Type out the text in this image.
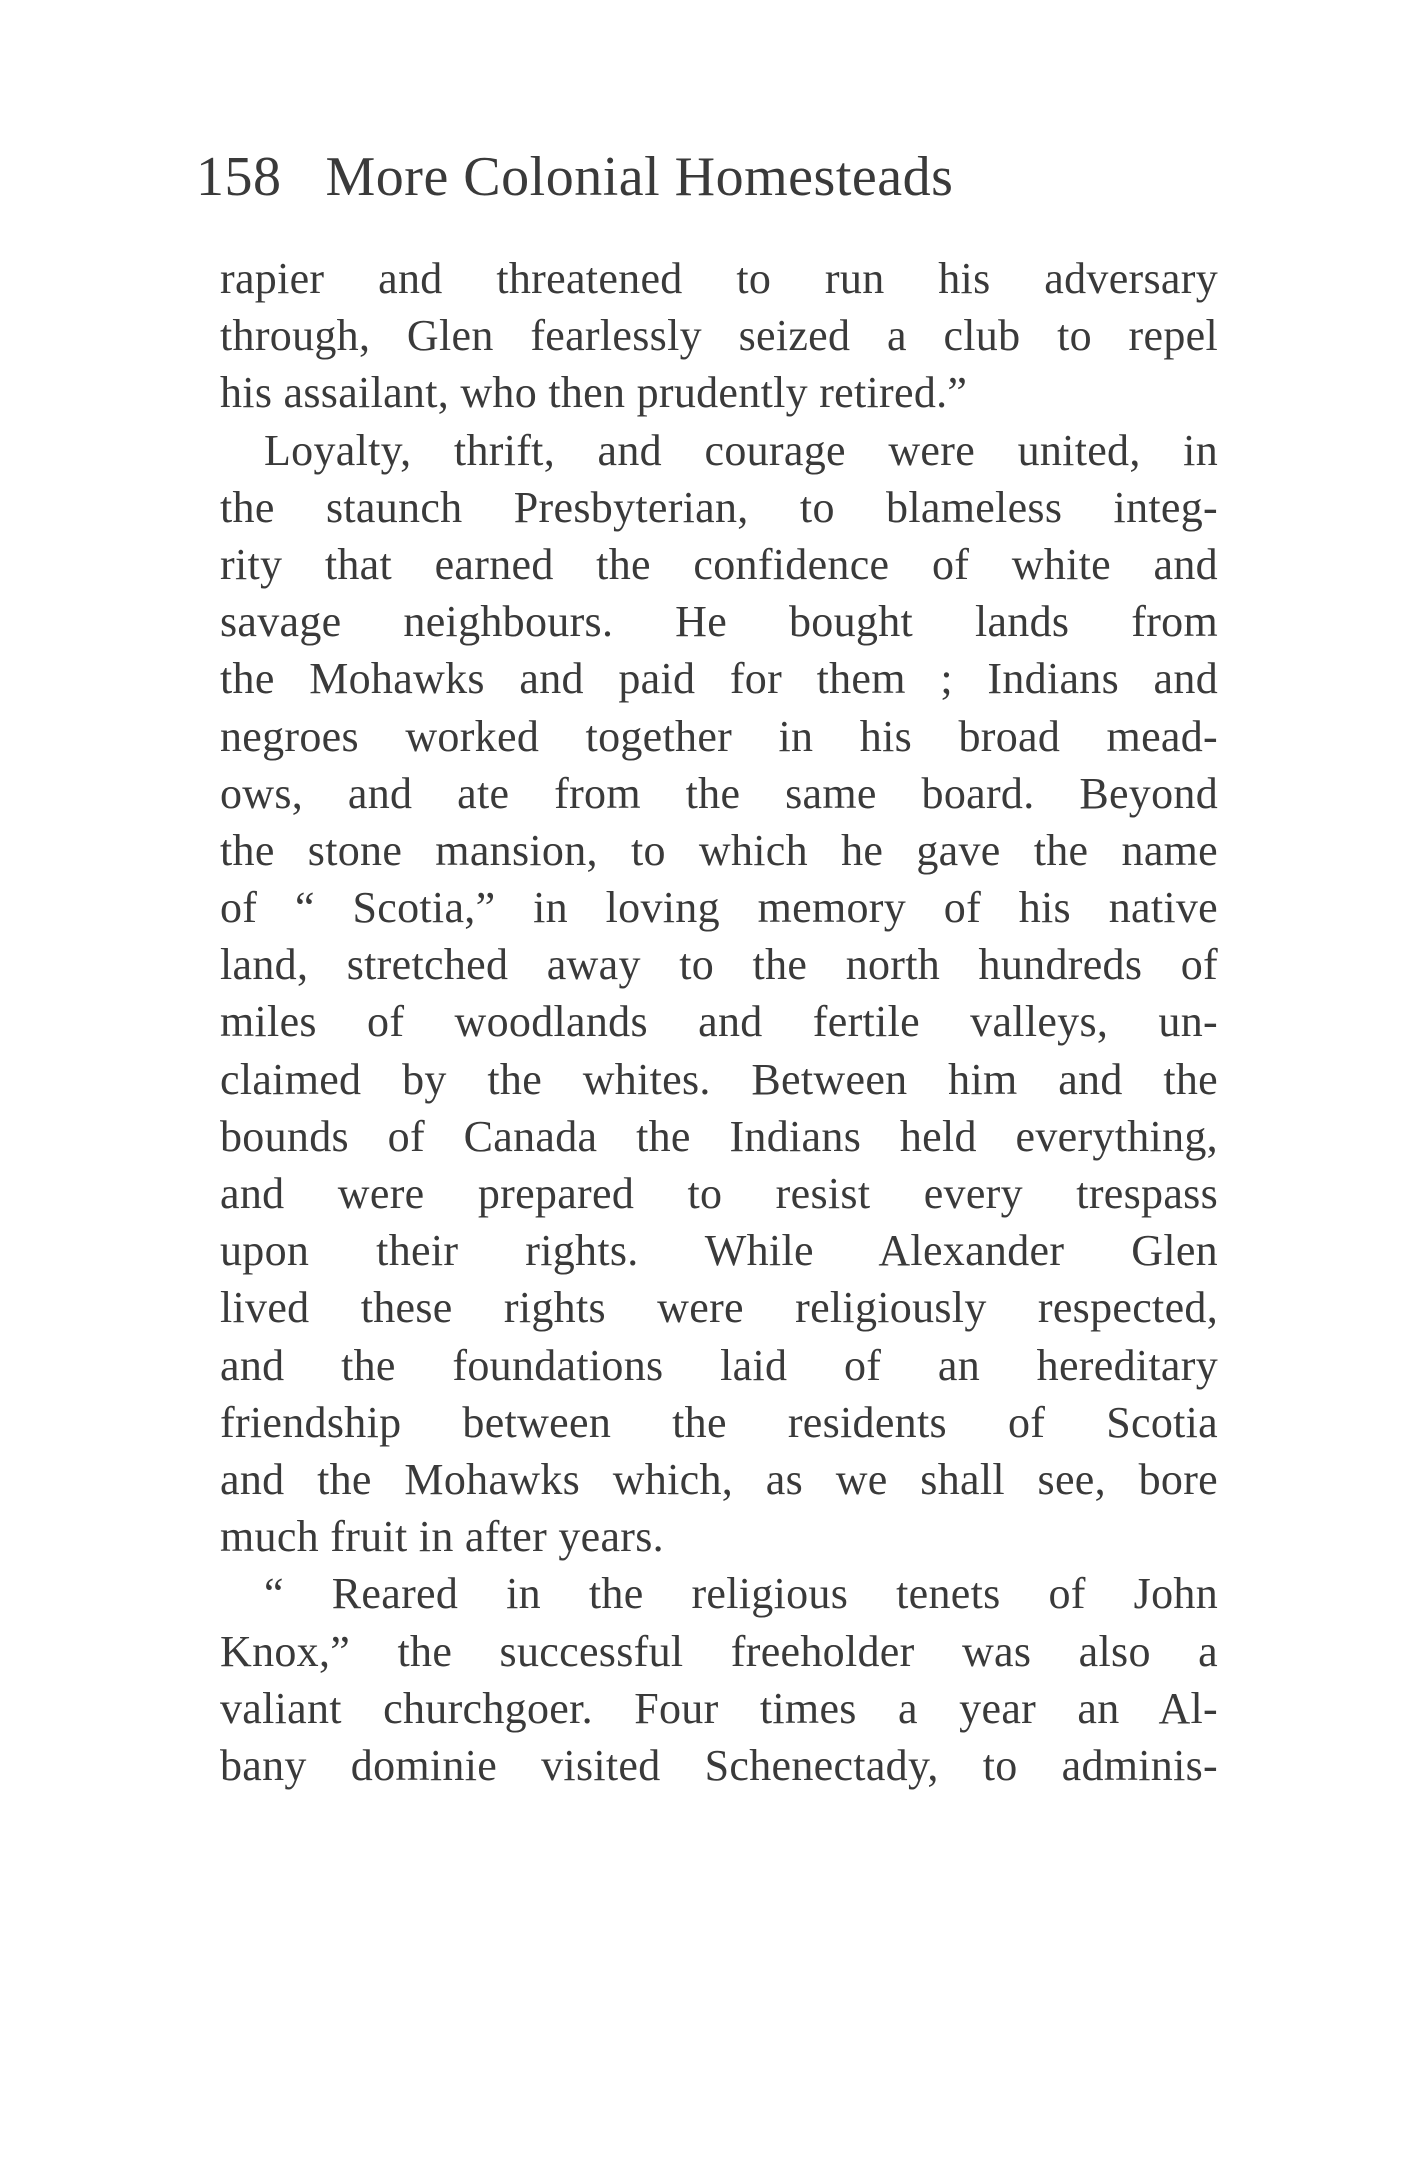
158 More Colonial Homesteads
rapier and threatened to run his adversary
through, Glen fearlessly seized a club to repel
his assailant, who then prudently retired.”
Loyalty, thrift, and courage were united, in
the staunch Presbyterian, to blameless integ-
rity that earned the confidence of white and
savage neighbours. He bought lands from
the Mohawks and paid for them ; Indians and
negroes worked together in his broad mead-
ows, and ate from the same board. Beyond
the stone mansion, to which he gave the name
of “ Scotia,” in loving memory of his native
land, stretched away to the north hundreds of
miles of woodlands and fertile valleys, un-
claimed by the whites. Between him and the
bounds of Canada the Indians held everything,
and were prepared to resist every trespass
upon their rights. While Alexander Glen
lived these rights were religiously respected,
and the foundations laid of an hereditary
friendship between the residents of Scotia
and the Mohawks which, as we shall see, bore
much fruit in after years.
“ Reared in the religious tenets of John
Knox,” the successful freeholder was also a
valiant churchgoer. Four times a year an Al-
bany dominie visited Schenectady, to adminis-
